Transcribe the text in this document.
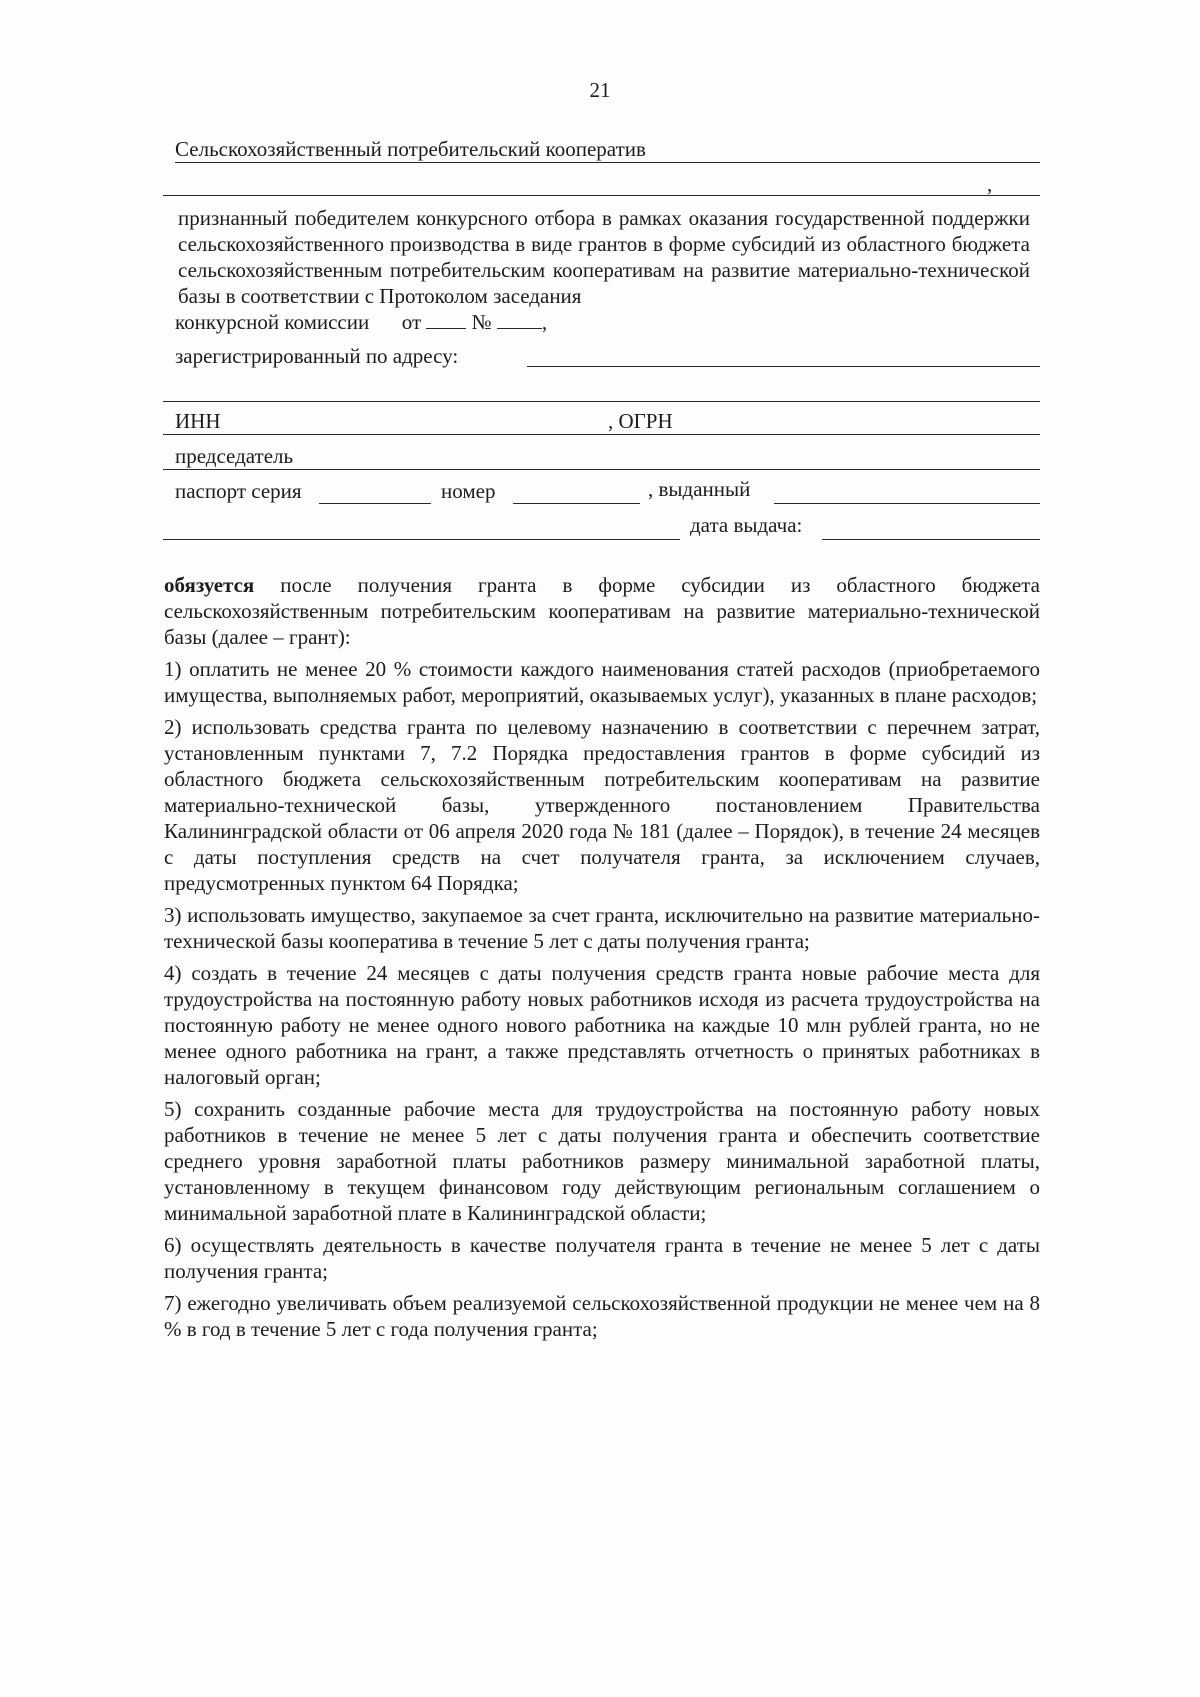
21
Сельскохозяйственный потребительский кооператив
,
признанный победителем конкурсного отбора в рамках оказания государственной поддержки сельскохозяйственного производства в виде грантов в форме субсидий из областного бюджета сельскохозяйственным потребительским кооперативам на развитие материально-технической базы в соответствии с Протоколом заседания
конкурсной комиссии от № ,
зарегистрированный по адресу:
ИНН	, ОГРН
председатель
паспорт серия	номер	, выданный
дата выдача:

обязуется после получения гранта в форме субсидии из областного бюджета сельскохозяйственным потребительским кооперативам на развитие материально-технической базы (далее – грант):

1) оплатить не менее 20 % стоимости каждого наименования статей расходов (приобретаемого имущества, выполняемых работ, мероприятий, оказываемых услуг), указанных в плане расходов;

2) использовать средства гранта по целевому назначению в соответствии с перечнем затрат, установленным пунктами 7, 7.2 Порядка предоставления грантов в форме субсидий из областного бюджета сельскохозяйственным потребительским кооперативам на развитие материально-технической базы, утвержденного постановлением Правительства Калининградской области от 06 апреля 2020 года № 181 (далее – Порядок), в течение 24 месяцев с даты поступления средств на счет получателя гранта, за исключением случаев, предусмотренных пунктом 64 Порядка;

3) использовать имущество, закупаемое за счет гранта, исключительно на развитие материально-технической базы кооператива в течение 5 лет с даты получения гранта;

4) создать в течение 24 месяцев с даты получения средств гранта новые рабочие места для трудоустройства на постоянную работу новых работников исходя из расчета трудоустройства на постоянную работу не менее одного нового работника на каждые 10 млн рублей гранта, но не менее одного работника на грант, а также представлять отчетность о принятых работниках в налоговый орган;

5) сохранить созданные рабочие места для трудоустройства на постоянную работу новых работников в течение не менее 5 лет с даты получения гранта и обеспечить соответствие среднего уровня заработной платы работников размеру минимальной заработной платы, установленному в текущем финансовом году действующим региональным соглашением о минимальной заработной плате в Калининградской области;

6) осуществлять деятельность в качестве получателя гранта в течение не менее 5 лет с даты получения гранта;

7) ежегодно увеличивать объем реализуемой сельскохозяйственной продукции не менее чем на 8 % в год в течение 5 лет с года получения гранта;
